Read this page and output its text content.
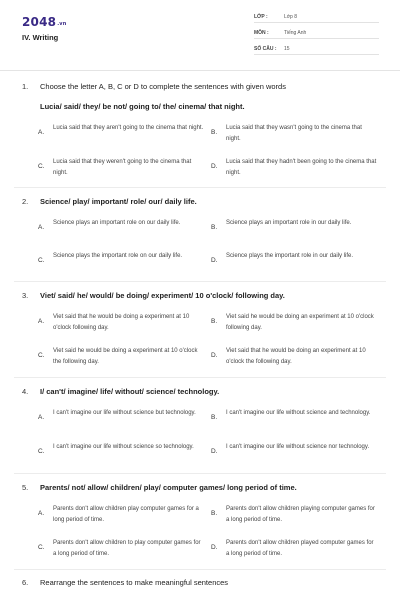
$2048_{.vn}$
IV. Writing
LỚP :	Lớp 8
MÔN :	Tiếng Anh
SỐ CÂU : 15
1. Choose the letter A, B, C or D to complete the sentences with given words
Lucia/ said/ they/ be not/ going to/ the/ cinema/ that night.
A.
Lucia said that they aren't going to the cinema that night.
B.
Lucia said that they wasn't going to the cinema that night.
C.
Lucia said that they weren't going to the cinema that night.
D.
Lucia said that they hadn't been going to the cinema that night.
2. Science/ play/ important/ role/ our/ daily life.
A.
Science plays an important role on our daily life.
B.
Science plays an important role in our daily life.
C.
Science plays the important role on our daily life.
D.
Science plays the important role in our daily life.
3. Viet/ said/ he/ would/ be doing/ experiment/ 10 o'clock/ following day.
A.
Viet said that he would be doing a experiment at 10 o'clock following day.
B.
Viet said he would be doing an experiment at 10 o'clock following day.
C.
Viet said he would be doing a experiment at 10 o'clock the following day.
D.
Viet said that he would be doing an experiment at 10 o'clock the following day.
4. I/ can't/ imagine/ life/ without/ science/ technology.
A.
I can't imagine our life without science but technology.
B.
I can't imagine our life without science and technology.
C.
I can't imagine our life without science so technology.
D.
I can't imagine our life without science nor technology.
5. Parents/ not/ allow/ children/ play/ computer games/ long period of time.
A.
Parents don't allow children play computer games for a long period of time.
B.
Parents don't allow children playing computer games for a long period of time.
C.
Parents don't allow children to play computer games for a long period of time.
D.
Parents don't allow children played computer games for a long period of time.
6. Rearrange the sentences to make meaningful sentences
